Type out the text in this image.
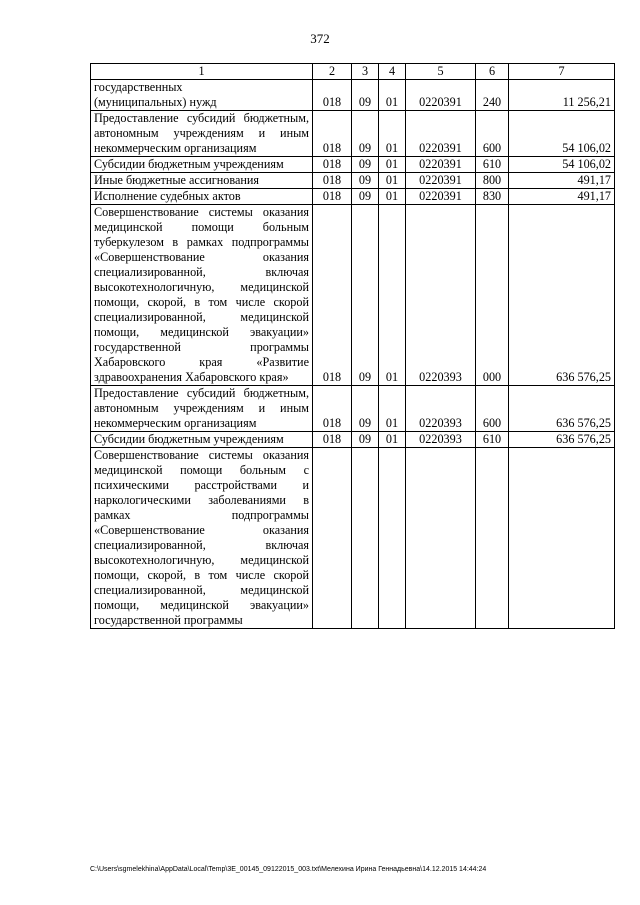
372
1	2	3	4	5	6	7
государственных
(муниципальных) нужд	018	09	01	0220391	240	11 256,21
Предоставление субсидий бюджетным, автономным учреждениям и иным некоммерческим организациям	018	09	01	0220391	600	54 106,02
Субсидии бюджетным учреждениям	018	09	01	0220391	610	54 106,02
Иные бюджетные ассигнования	018	09	01	0220391	800	491,17
Исполнение судебных актов	018	09	01	0220391	830	491,17
Совершенствование системы оказания медицинской помощи больным туберкулезом в рамках подпрограммы «Совершенствование оказания специализированной, включая высокотехнологичную, медицинской помощи, скорой, в том числе скорой специализированной, медицинской помощи, медицинской эвакуации» государственной программы Хабаровского края «Развитие здравоохранения Хабаровского края»	018	09	01	0220393	000	636 576,25
Предоставление субсидий бюджетным, автономным учреждениям и иным некоммерческим организациям	018	09	01	0220393	600	636 576,25
Субсидии бюджетным учреждениям	018	09	01	0220393	610	636 576,25
Совершенствование системы оказания медицинской помощи больным с психическими расстройствами и наркологическими заболеваниями в рамках подпрограммы «Совершенствование оказания специализированной, включая высокотехнологичную, медицинской помощи, скорой, в том числе скорой специализированной, медицинской помощи, медицинской эвакуации» государственной программы						
C:\Users\sgmelekhina\AppData\Local\Temp\3E_00145_09122015_003.txt\Мелехина Ирина Геннадьевна\14.12.2015 14:44:24
